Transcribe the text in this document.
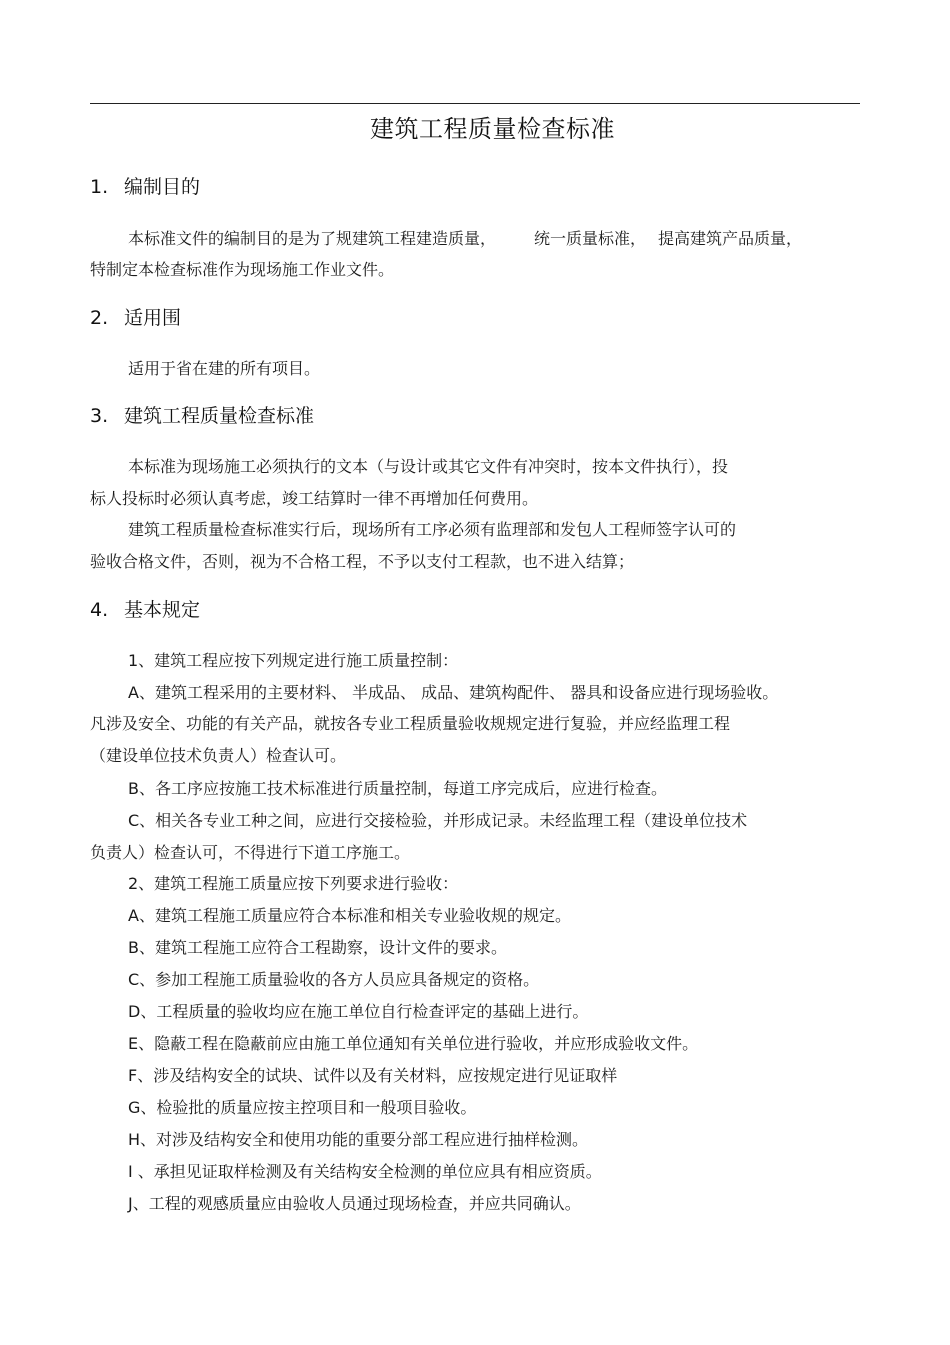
建筑工程质量检查标准
1. 编制目的
本标准文件的编制目的是为了规建筑工程建造质量， 统一质量标准， 提高建筑产品质量，
特制定本检查标准作为现场施工作业文件。
2. 适用围
适用于省在建的所有项目。
3. 建筑工程质量检查标准
本标准为现场施工必须执行的文本（与设计或其它文件有冲突时，按本文件执行），投
标人投标时必须认真考虑，竣工结算时一律不再增加任何费用。
建筑工程质量检查标准实行后，现场所有工序必须有监理部和发包人工程师签字认可的
验收合格文件，否则，视为不合格工程，不予以支付工程款，也不进入结算；
4. 基本规定
1、建筑工程应按下列规定进行施工质量控制：
A、建筑工程采用的主要材料、 半成品、 成品、建筑构配件、 器具和设备应进行现场验收。
凡涉及安全、功能的有关产品，就按各专业工程质量验收规规定进行复验，并应经监理工程
（建设单位技术负责人）检查认可。
B、各工序应按施工技术标准进行质量控制，每道工序完成后，应进行检查。
C、相关各专业工种之间，应进行交接检验，并形成记录。未经监理工程（建设单位技术
负责人）检查认可，不得进行下道工序施工。
2、建筑工程施工质量应按下列要求进行验收：
A、建筑工程施工质量应符合本标准和相关专业验收规的规定。
B、建筑工程施工应符合工程勘察，设计文件的要求。
C、参加工程施工质量验收的各方人员应具备规定的资格。
D、工程质量的验收均应在施工单位自行检查评定的基础上进行。
E、隐蔽工程在隐蔽前应由施工单位通知有关单位进行验收，并应形成验收文件。
F、涉及结构安全的试块、试件以及有关材料，应按规定进行见证取样
G、检验批的质量应按主控项目和一般项目验收。
H、对涉及结构安全和使用功能的重要分部工程应进行抽样检测。
I 、承担见证取样检测及有关结构安全检测的单位应具有相应资质。
J、工程的观感质量应由验收人员通过现场检查，并应共同确认。
